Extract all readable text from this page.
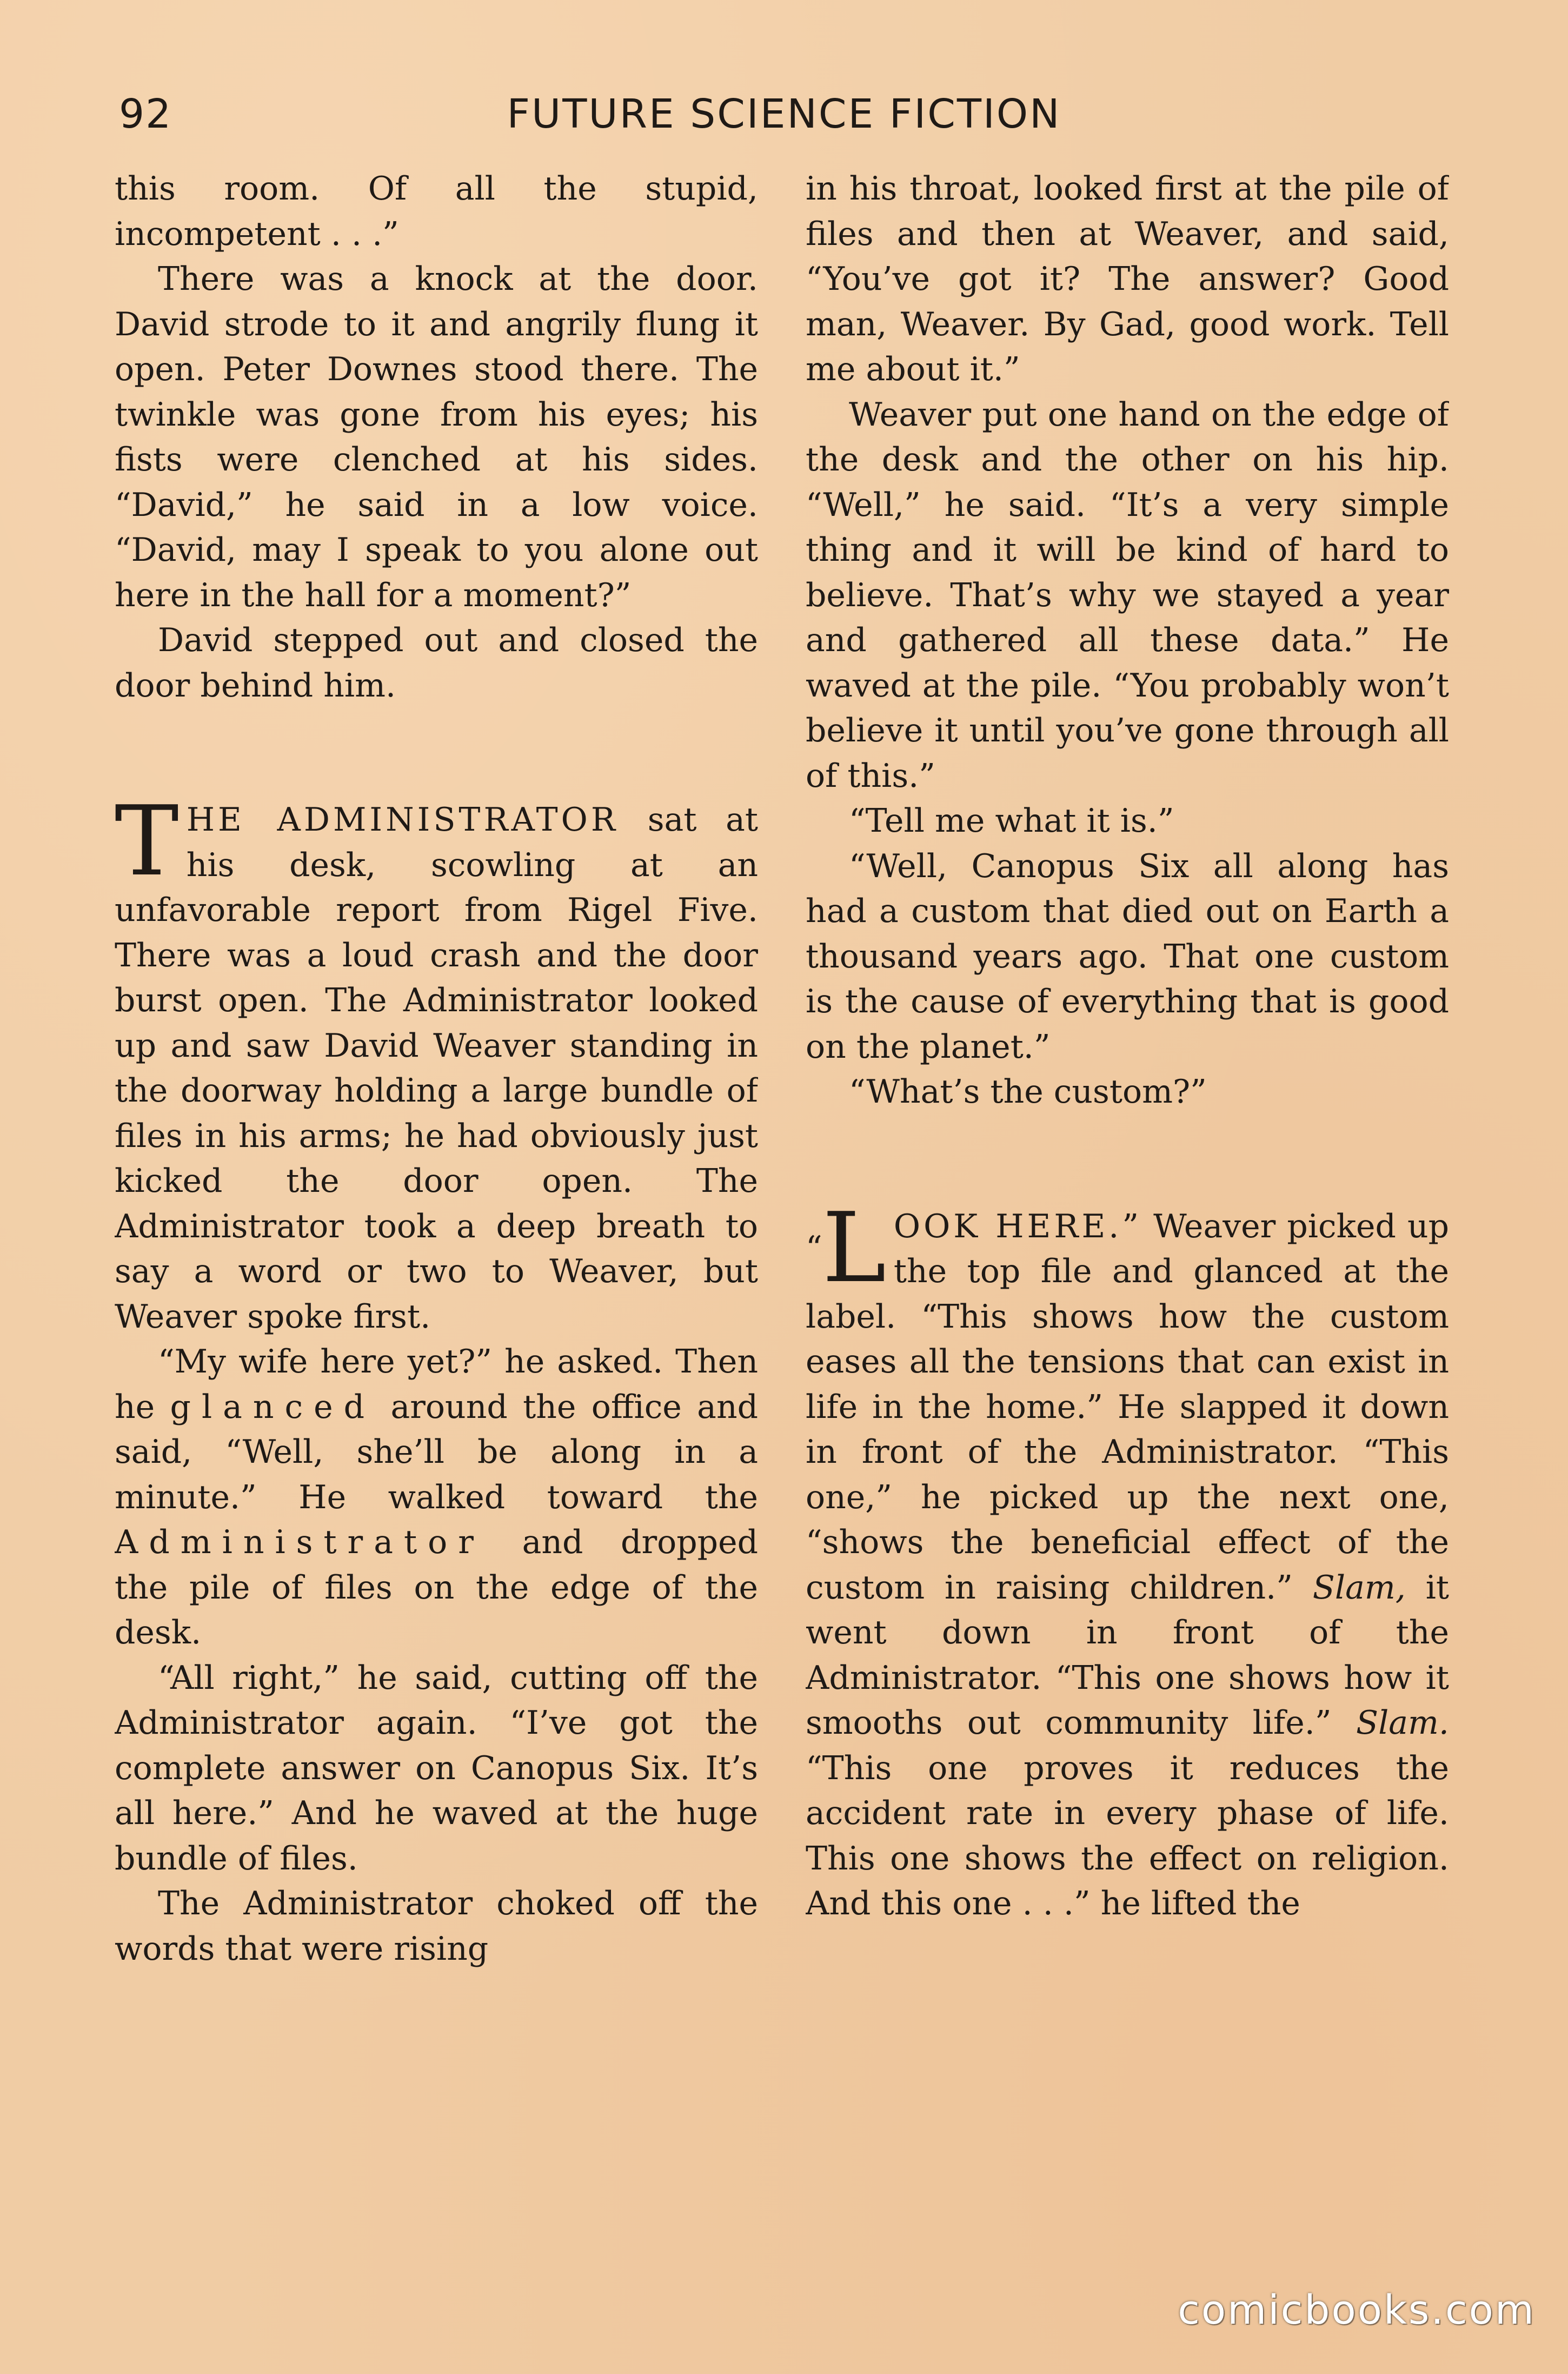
92	FUTURE SCIENCE FICTION

this room. Of all the stupid, incompetent . . .”

There was a knock at the door. David strode to it and angrily flung it open. Peter Downes stood there. The twinkle was gone from his eyes; his fists were clenched at his sides. “David,” he said in a low voice. “David, may I speak to you alone out here in the hall for a moment?”

David stepped out and closed the door behind him.

THE ADMINISTRATOR sat at his desk, scowling at an unfavorable report from Rigel Five. There was a loud crash and the door burst open. The Administrator looked up and saw David Weaver standing in the doorway holding a large bundle of files in his arms; he had obviously just kicked the door open. The Administrator took a deep breath to say a word or two to Weaver, but Weaver spoke first.

“My wife here yet?” he asked. Then he glanced around the office and said, “Well, she’ll be along in a minute.” He walked toward the Administrator and dropped the pile of files on the edge of the desk.

“All right,” he said, cutting off the Administrator again. “I’ve got the complete answer on Canopus Six. It’s all here.” And he waved at the huge bundle of files.

The Administrator choked off the words that were rising

in his throat, looked first at the pile of files and then at Weaver, and said, “You’ve got it? The answer? Good man, Weaver. By Gad, good work. Tell me about it.”

Weaver put one hand on the edge of the desk and the other on his hip. “Well,” he said. “It’s a very simple thing and it will be kind of hard to believe. That’s why we stayed a year and gathered all these data.” He waved at the pile. “You probably won’t believe it until you’ve gone through all of this.”

“Tell me what it is.”

“Well, Canopus Six all along has had a custom that died out on Earth a thousand years ago. That one custom is the cause of everything that is good on the planet.”

“What’s the custom?”

“L OOK HERE.” Weaver picked up the top file and glanced at the label. “This shows how the custom eases all the tensions that can exist in life in the home.” He slapped it down in front of the Administrator. “This one,” he picked up the next one, “shows the beneficial effect of the custom in raising children.” Slam, it went down in front of the Administrator. “This one shows how it smooths out community life.” Slam. “This one proves it reduces the accident rate in every phase of life. This one shows the effect on religion. And this one . . .” he lifted the

comicbooks.com
